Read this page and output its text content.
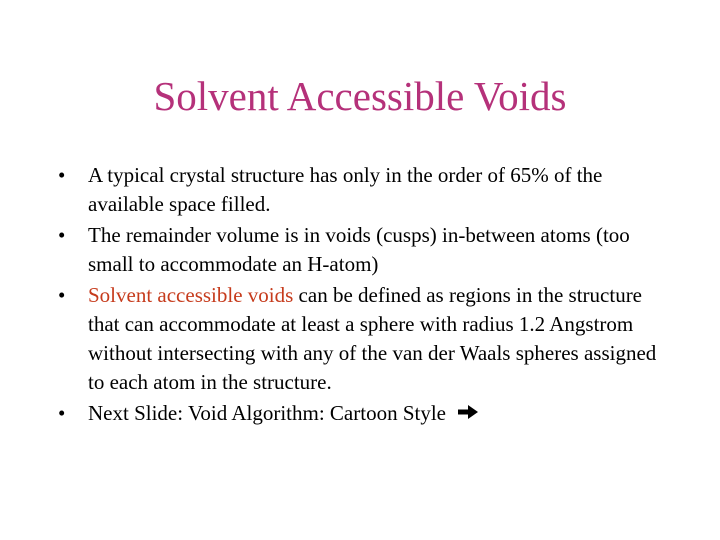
Solvent Accessible Voids
•	A typical crystal structure has only in the order of 65% of the available space filled.
•	The remainder volume is in voids (cusps) in-between atoms (too small to accommodate an H-atom)
•	Solvent accessible voids can be defined as regions in the structure that can accommodate at least a sphere with radius 1.2 Angstrom without intersecting with any of the van der Waals spheres assigned to each atom in the structure.
•	Next Slide: Void Algorithm: Cartoon Style
